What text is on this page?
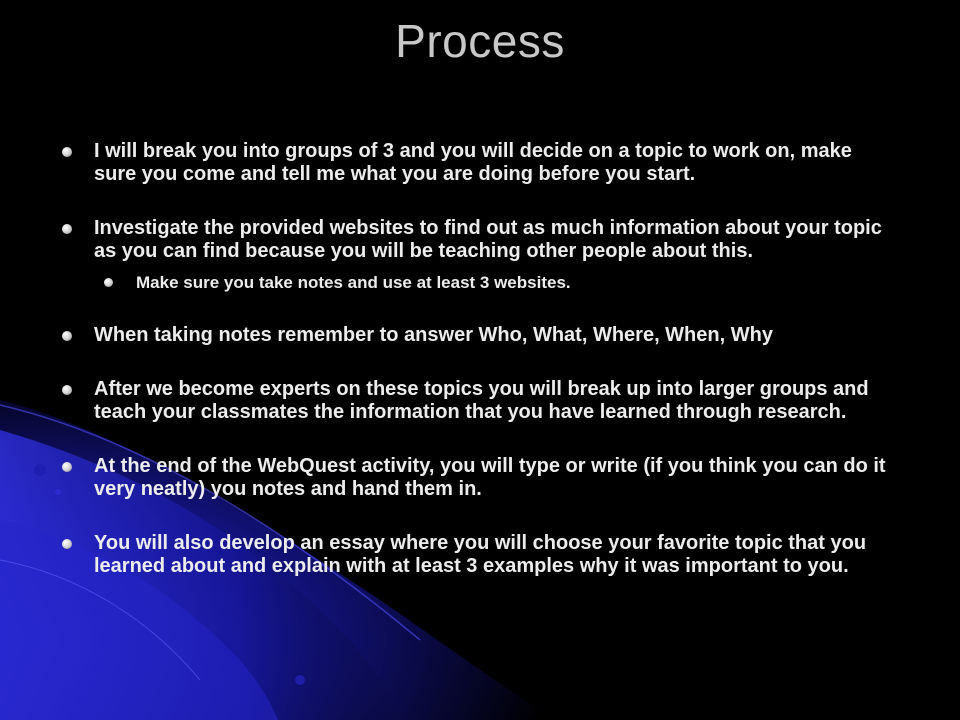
Process
I will break you into groups of 3 and you will decide on a topic to work on, make sure you come and tell me what you are doing before you start.
Investigate the provided websites to find out as much information about your topic as you can find because you will be teaching other people about this.
Make sure you take notes and use at least 3 websites.
When taking notes remember to answer Who, What, Where, When, Why
After we become experts on these topics you will break up into larger groups and teach your classmates the information that you have learned through research.
At the end of the WebQuest activity, you will type or write (if you think you can do it very neatly) you notes and hand them in.
You will also develop an essay where you will choose your favorite topic that you learned about and explain with at least 3 examples why it was important to you.
